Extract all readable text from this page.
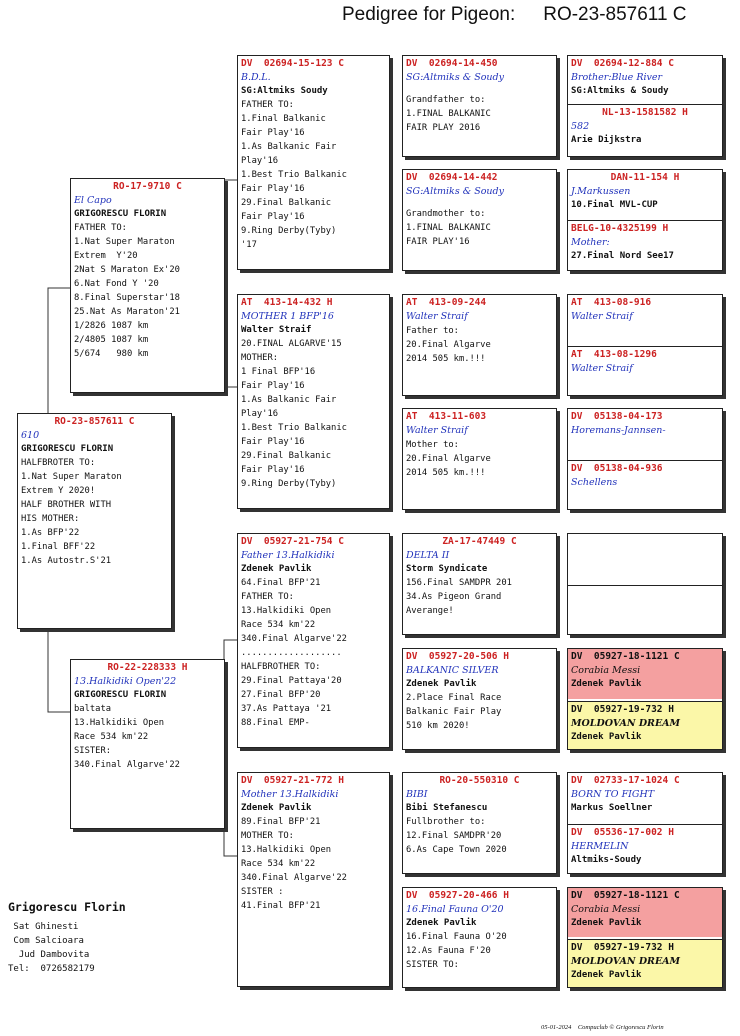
Pedigree for Pigeon: RO-23-857611 C
RO-23-857611 C
610
GRIGORESCU FLORIN
HALFBROTER TO:
1.Nat Super Maraton
Extrem Y 2020!
HALF BROTHER WITH
HIS MOTHER:
1.As BFP'22
1.Final BFF'22
1.As Autostr.S'21
RO-17-9710 C
El Capo
GRIGORESCU FLORIN
FATHER TO:
1.Nat Super Maraton
Extrem  Y'20
2Nat S Maraton Ex'20
6.Nat Fond Y '20
8.Final Superstar'18
25.Nat As Maraton'21
1/2826 1087 km
2/4805 1087 km
5/674   980 km
RO-22-228333 H
13.Halkidiki Open'22
GRIGORESCU FLORIN
baltata
13.Halkidiki Open
Race 534 km'22
SISTER:
340.Final Algarve'22
DV  02694-15-123 C
B.D.L.
SG:Altmiks Soudy
FATHER TO:
1.Final Balkanic
Fair Play'16
1.As Balkanic Fair
Play'16
1.Best Trio Balkanic
Fair Play'16
29.Final Balkanic
Fair Play'16
9.Ring Derby(Tyby)
'17
AT  413-14-432 H
MOTHER 1 BFP'16
Walter Straif
20.FINAL ALGARVE'15
MOTHER:
1 Final BFP'16
Fair Play'16
1.As Balkanic Fair
Play'16
1.Best Trio Balkanic
Fair Play'16
29.Final Balkanic
Fair Play'16
9.Ring Derby(Tyby)
DV  05927-21-754 C
Father 13.Halkidiki
Zdenek Pavlik
64.Final BFP'21
FATHER TO:
13.Halkidiki Open
Race 534 km'22
340.Final Algarve'22
...................
HALFBROTHER TO:
29.Final Pattaya'20
27.Final BFP'20
37.As Pattaya '21
88.Final EMP-
DV  05927-21-772 H
Mother 13.Halkidiki
Zdenek Pavlik
89.Final BFP'21
MOTHER TO:
13.Halkidiki Open
Race 534 km'22
340.Final Algarve'22
SISTER :
41.Final BFP'21
DV  02694-14-450
SG:Altmiks & Soudy
Grandfather to:
1.FINAL BALKANIC
FAIR PLAY 2016
DV  02694-14-442
SG:Altmiks & Soudy
Grandmother to:
1.FINAL BALKANIC
FAIR PLAY'16
AT  413-09-244
Walter Straif
Father to:
20.Final Algarve
2014 505 km.!!!
AT  413-11-603
Walter Straif
Mother to:
20.Final Algarve
2014 505 km.!!!
ZA-17-47449 C
DELTA II
Storm Syndicate
156.Final SAMDPR 201
34.As Pigeon Grand
Averange!
DV  05927-20-506 H
BALKANIC SILVER
Zdenek Pavlik
2.Place Final Race
Balkanic Fair Play
510 km 2020!
RO-20-550310 C
BIBI
Bibi Stefanescu
Fullbrother to:
12.Final SAMDPR'20
6.As Cape Town 2020
DV  05927-20-466 H
16.Final Fauna O'20
Zdenek Pavlik
16.Final Fauna O'20
12.As Fauna F'20
SISTER TO:
DV  02694-12-884 C
Brother:Blue River
SG:Altmiks & Soudy
NL-13-1581582 H
582
Arie Dijkstra
DAN-11-154 H
J.Markussen
10.Final MVL-CUP
BELG-10-4325199 H
Mother:
27.Final Nord See17
AT  413-08-916
Walter Straif
AT  413-08-1296
Walter Straif
DV  05138-04-173
Horemans-Jannsen-
DV  05138-04-936
Schellens
DV  05927-18-1121 C
Corabia Messi
Zdenek Pavlik
DV  05927-19-732 H
MOLDOVAN DREAM
Zdenek Pavlik
DV  02733-17-1024 C
BORN TO FIGHT
Markus Soellner
DV  05536-17-002 H
HERMELIN
Altmiks-Soudy
DV  05927-18-1121 C
Corabia Messi
Zdenek Pavlik
DV  05927-19-732 H
MOLDOVAN DREAM
Zdenek Pavlik
Grigorescu Florin
Sat Ghinesti
Com Salcioara
Jud Dambovita
Tel:  0726582179
05-01-2024    Compuclub © Grigorescu Florin
